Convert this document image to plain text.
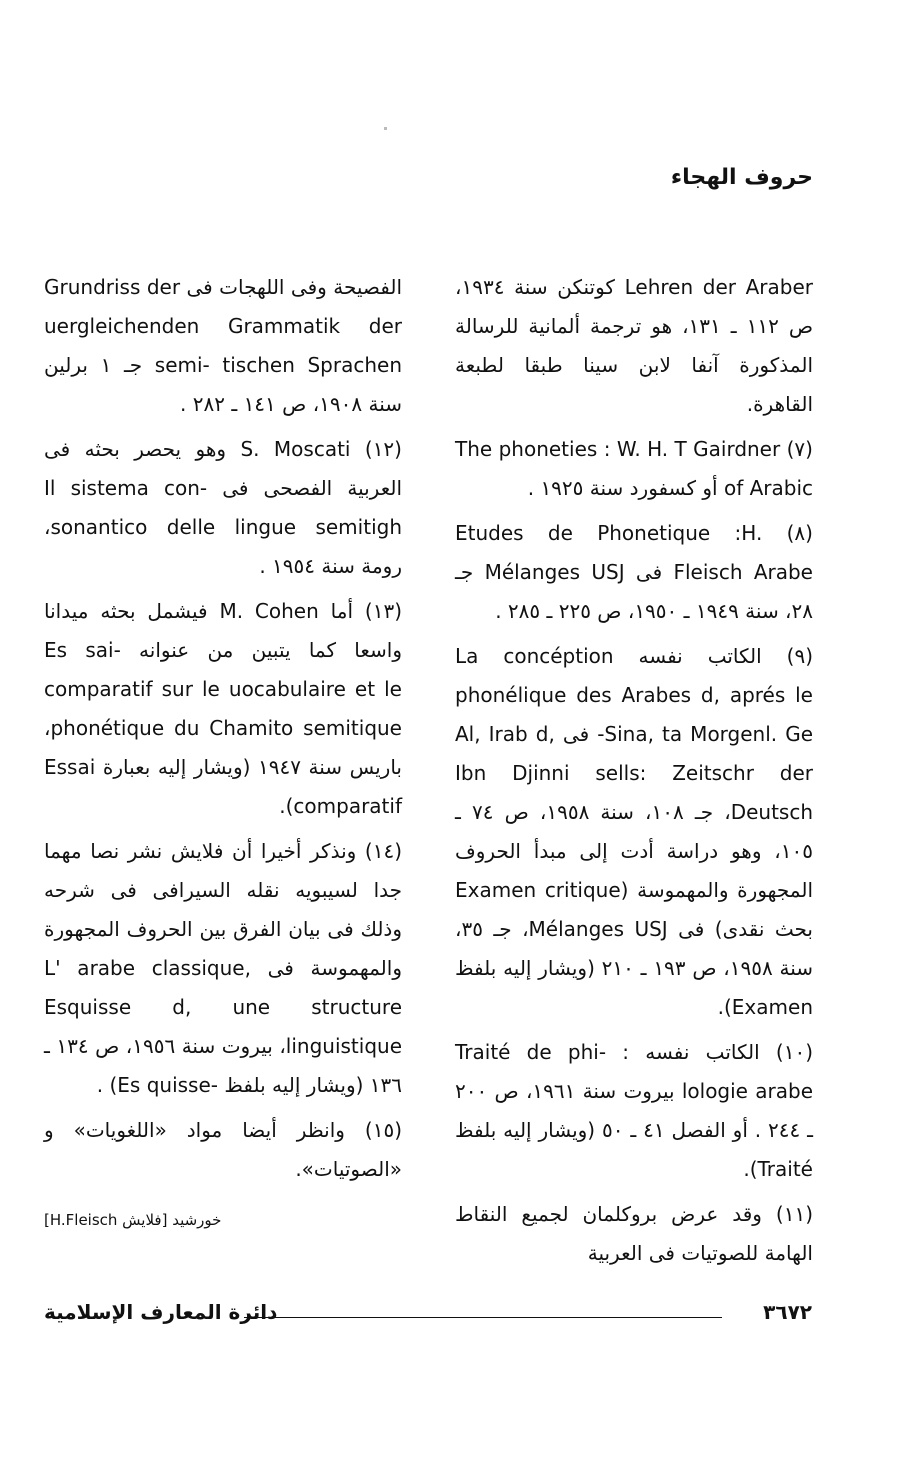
حروف الهجاء

Lehren der Araber كوتنكن سنة ١٩٣٤، ص ١١٢ ـ ١٣١، هو ترجمة ألمانية للرسالة المذكورة آنفا لابن سينا طبقا لطبعة القاهرة.

(٧) The phoneties : W. H. T Gairdner of Arabic أو كسفورد سنة ١٩٢٥ .

(٨) Etudes de Phonetique :H. Fleisch Arabe فى Mélanges USJ جـ ٢٨، سنة ١٩٤٩ ـ ١٩٥٠، ص ٢٢٥ ـ ٢٨٥ .

(٩) الكاتب نفسه La concéption phonélique des Arabes d, aprés le Sina, ta Morgenl. Ge- فى Al, Irab d, Ibn Djinni sells: Zeitschr der Deutsch، جـ ١٠٨، سنة ١٩٥٨، ص ٧٤ ـ ١٠٥، وهو دراسة أدت إلى مبدأ الحروف المجهورة والمهموسة (Examen critique بحث نقدى) فى Mélanges USJ، جـ ٣٥، سنة ١٩٥٨، ص ١٩٣ ـ ٢١٠ (ويشار إليه بلفظ Examen).

(١٠) الكاتب نفسه : -Traité de phi lologie arabe بيروت سنة ١٩٦١، ص ٢٠٠ ـ ٢٤٤ . أو الفصل ٤١ ـ ٥٠ (ويشار إليه بلفظ Traité).

(١١) وقد عرض بروكلمان لجميع النقاط الهامة للصوتيات فى العربية

الفصيحة وفى اللهجات فى Grundriss der uergleichenden Grammatik der semi- tischen Sprachen جـ ١ برلين سنة ١٩٠٨، ص ١٤١ ـ ٢٨٢ .

(١٢) S. Moscati وهو يحصر بحثه فى العربية الفصحى فى -Il sistema con sonantico delle lingue semitigh، رومة سنة ١٩٥٤ .

(١٣) أما M. Cohen فيشمل بحثه ميدانا واسعا كما يتبين من عنوانه -Es sai comparatif sur le uocabulaire et le phonétique du Chamito semitique، باريس سنة ١٩٤٧ (ويشار إليه بعبارة Essai comparatif).

(١٤) ونذكر أخيرا أن فلايش نشر نصا مهما جدا لسيبويه نقله السيرافى فى شرحه وذلك فى بيان الفرق بين الحروف المجهورة والمهموسة فى L' arabe classique, Esquisse d, une structure linguistique، بيروت سنة ١٩٥٦، ص ١٣٤ ـ ١٣٦ (ويشار إليه بلفظ -Es quisse) .

(١٥) وانظر أيضا مواد «اللغويات» و «الصوتيات».

خورشيد [فلايش H.Fleisch]
دائرة المعارف الإسلامية	٣٦٧٢
